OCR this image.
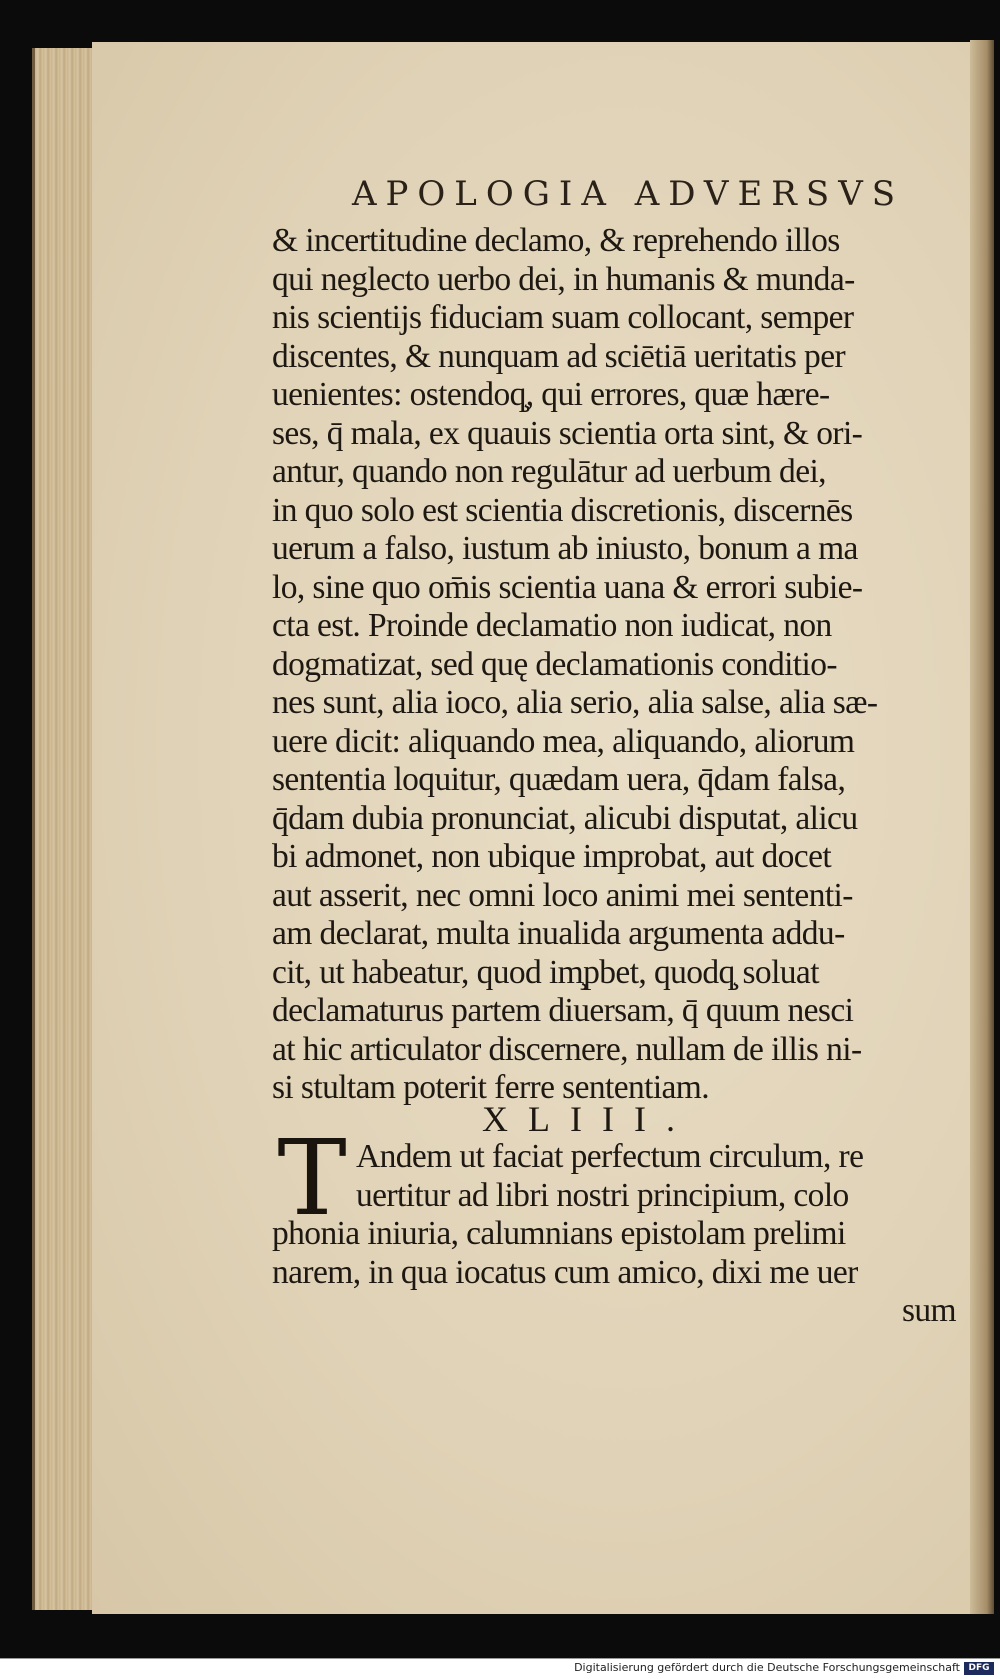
APOLOGIA ADVERSVS
& incertitudine declamo, & reprehendo illos
qui neglecto uerbo dei, in humanis & munda-
nis scientijs fiduciam suam collocant, semper
discentes, & nunquam ad sciētiā ueritatis per
uenientes: ostendoq̧, qui errores, quæ hære-
ses, q̄ mala, ex quauis scientia orta sint, & ori-
antur, quando non regulātur ad uerbum dei,
in quo solo est scientia discretionis, discernēs
uerum a falso, iustum ab iniusto, bonum a ma
lo, sine quo om̄is scientia uana & errori subie-
cta est. Proinde declamatio non iudicat, non
dogmatizat, sed quę declamationis conditio-
nes sunt, alia ioco, alia serio, alia salse, alia sæ-
uere dicit: aliquando mea, aliquando, aliorum
sententia loquitur, quædam uera, q̄dam falsa,
q̄dam dubia pronunciat, alicubi disputat, alicu
bi admonet, non ubique improbat, aut docet
aut asserit, nec omni loco animi mei sententi-
am declarat, multa inualida argumenta addu-
cit, ut habeatur, quod im̧pbet, quodq̧ soluat
declamaturus partem diuersam, q̄ quum nesci
at hic articulator discernere, nullam de illis ni-
si stultam poterit ferre sententiam.
XLIII.
T Andem ut faciat perfectum circulum, re
uertitur ad libri nostri principium, colo
phonia iniuria, calumnians epistolam prelimi
narem, in qua iocatus cum amico, dixi me uer
sum
Digitalisierung gefördert durch die Deutsche Forschungsgemeinschaft DFG
